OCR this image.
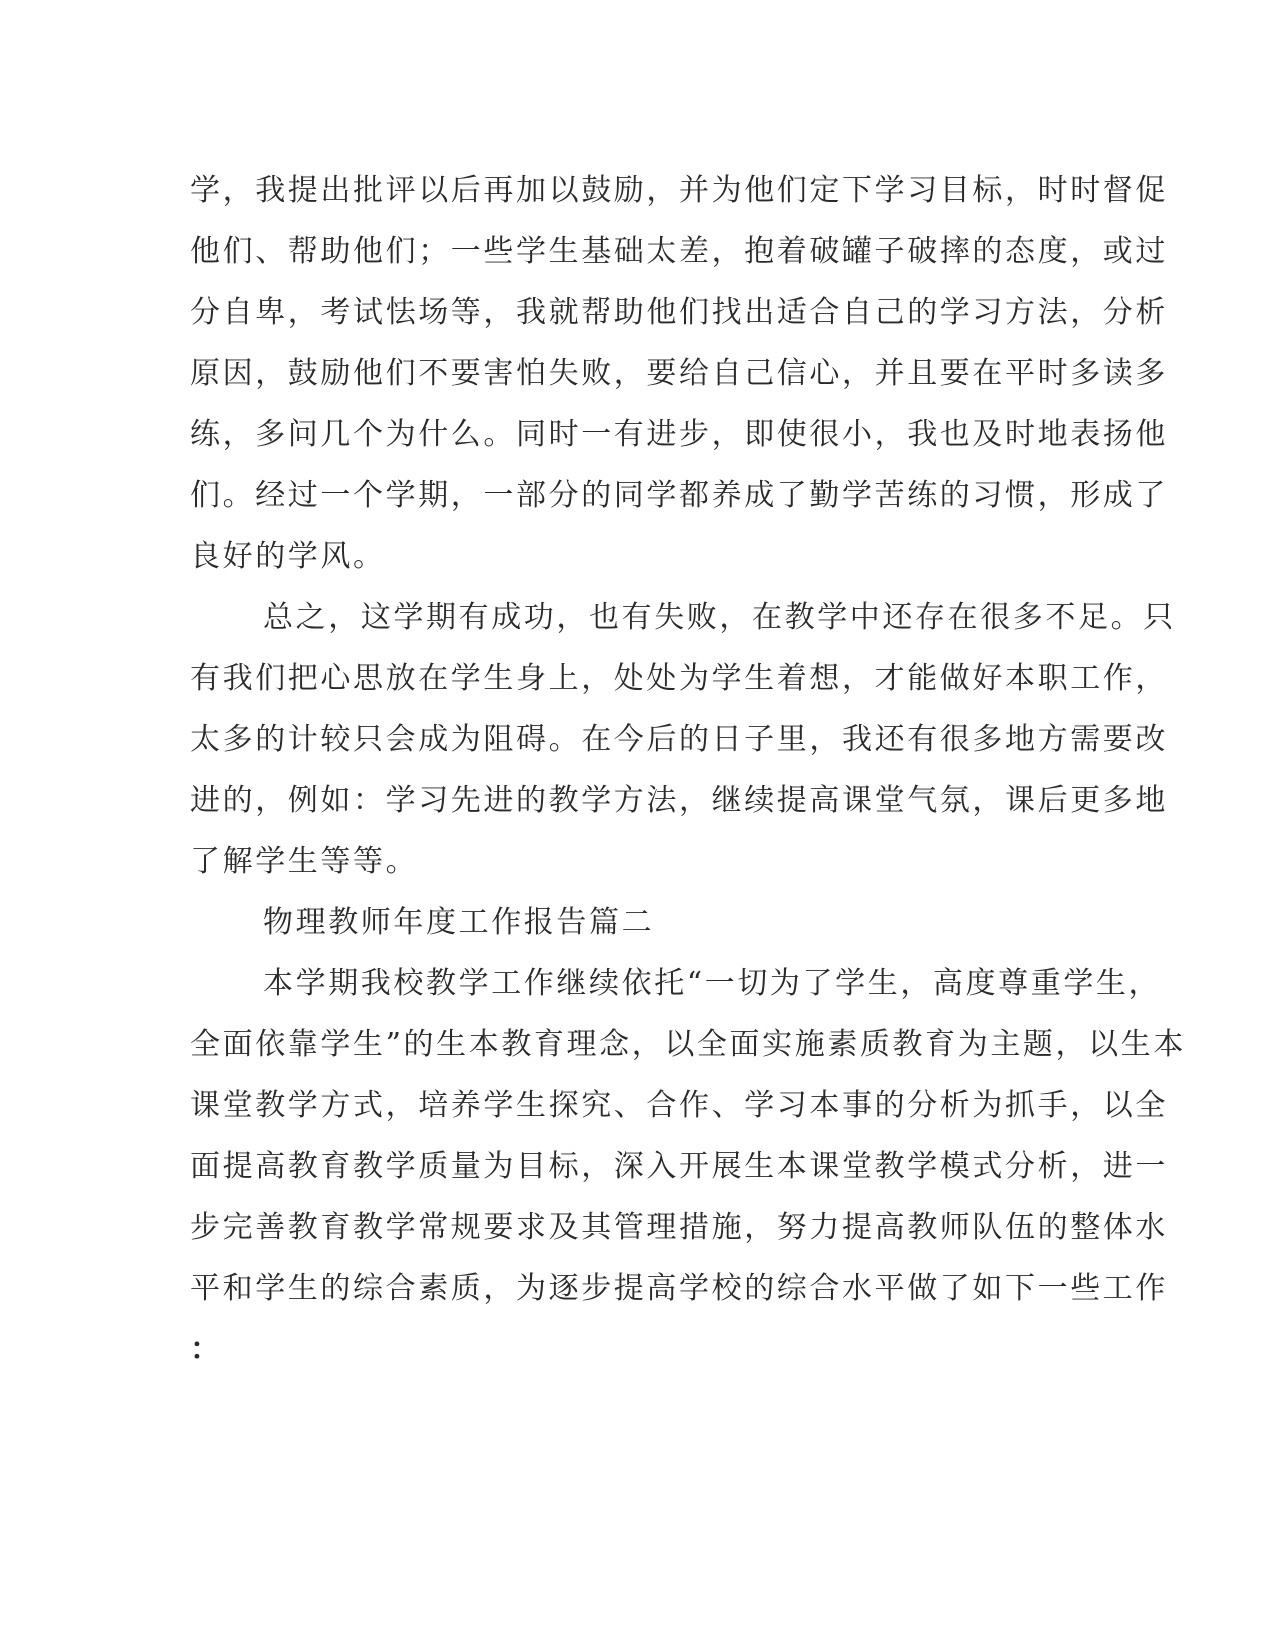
学，我提出批评以后再加以鼓励，并为他们定下学习目标，时时督促
他们、帮助他们；一些学生基础太差，抱着破罐子破摔的态度，或过
分自卑，考试怯场等，我就帮助他们找出适合自己的学习方法，分析
原因，鼓励他们不要害怕失败，要给自己信心，并且要在平时多读多
练，多问几个为什么。同时一有进步，即使很小，我也及时地表扬他
们。经过一个学期，一部分的同学都养成了勤学苦练的习惯，形成了
良好的学风。
总之，这学期有成功，也有失败，在教学中还存在很多不足。只
有我们把心思放在学生身上，处处为学生着想，才能做好本职工作，
太多的计较只会成为阻碍。在今后的日子里，我还有很多地方需要改
进的，例如：学习先进的教学方法，继续提高课堂气氛，课后更多地
了解学生等等。
物理教师年度工作报告篇二
本学期我校教学工作继续依托“一切为了学生，高度尊重学生，
全面依靠学生”的生本教育理念，以全面实施素质教育为主题，以生本
课堂教学方式，培养学生探究、合作、学习本事的分析为抓手，以全
面提高教育教学质量为目标，深入开展生本课堂教学模式分析，进一
步完善教育教学常规要求及其管理措施，努力提高教师队伍的整体水
平和学生的综合素质，为逐步提高学校的综合水平做了如下一些工作
：
